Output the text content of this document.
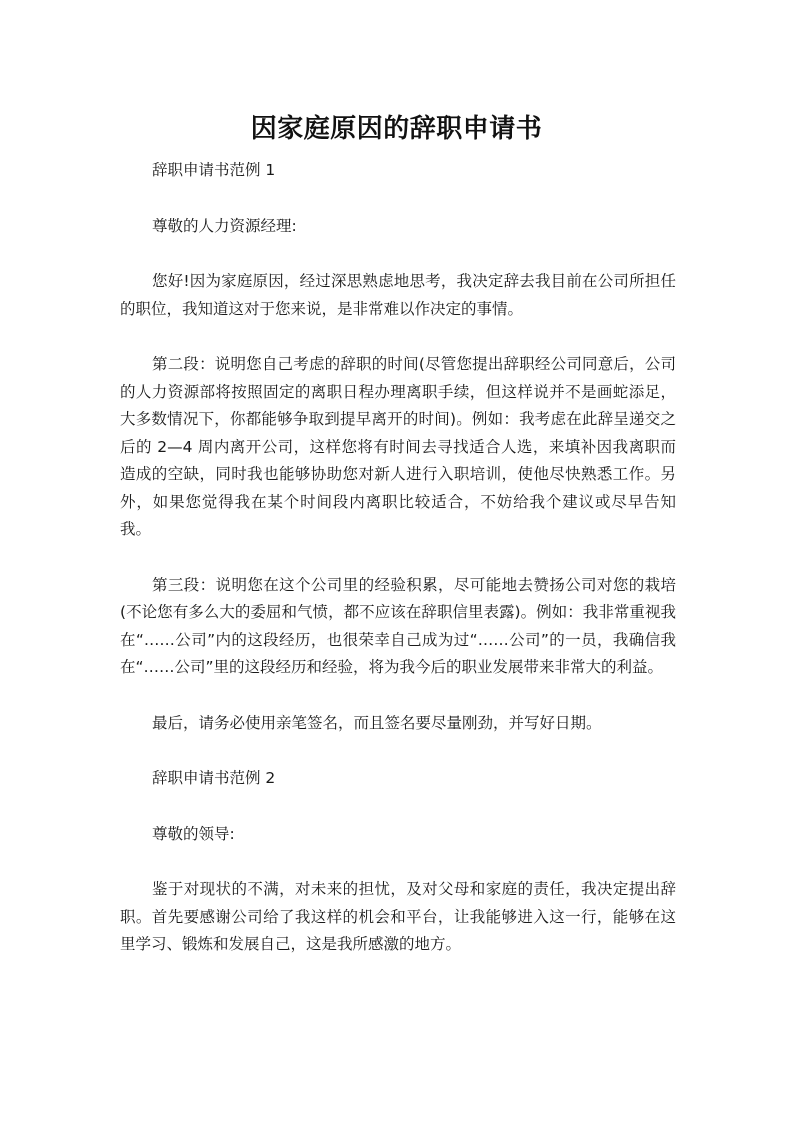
因家庭原因的辞职申请书

辞职申请书范例 1

尊敬的人力资源经理:

您好!因为家庭原因，经过深思熟虑地思考，我决定辞去我目前在公司所担任的职位，我知道这对于您来说，是非常难以作决定的事情。

第二段：说明您自己考虑的辞职的时间(尽管您提出辞职经公司同意后，公司的人力资源部将按照固定的离职日程办理离职手续，但这样说并不是画蛇添足，大多数情况下，你都能够争取到提早离开的时间)。例如：我考虑在此辞呈递交之后的 2—4 周内离开公司，这样您将有时间去寻找适合人选，来填补因我离职而造成的空缺，同时我也能够协助您对新人进行入职培训，使他尽快熟悉工作。另外，如果您觉得我在某个时间段内离职比较适合，不妨给我个建议或尽早告知我。

第三段：说明您在这个公司里的经验积累，尽可能地去赞扬公司对您的栽培(不论您有多么大的委屈和气愤，都不应该在辞职信里表露)。例如：我非常重视我在“……公司”内的这段经历，也很荣幸自己成为过“……公司”的一员，我确信我在“……公司”里的这段经历和经验，将为我今后的职业发展带来非常大的利益。

最后，请务必使用亲笔签名，而且签名要尽量刚劲，并写好日期。

辞职申请书范例 2

尊敬的领导:

鉴于对现状的不满，对未来的担忧，及对父母和家庭的责任，我决定提出辞职。首先要感谢公司给了我这样的机会和平台，让我能够进入这一行，能够在这里学习、锻炼和发展自己，这是我所感激的地方。
